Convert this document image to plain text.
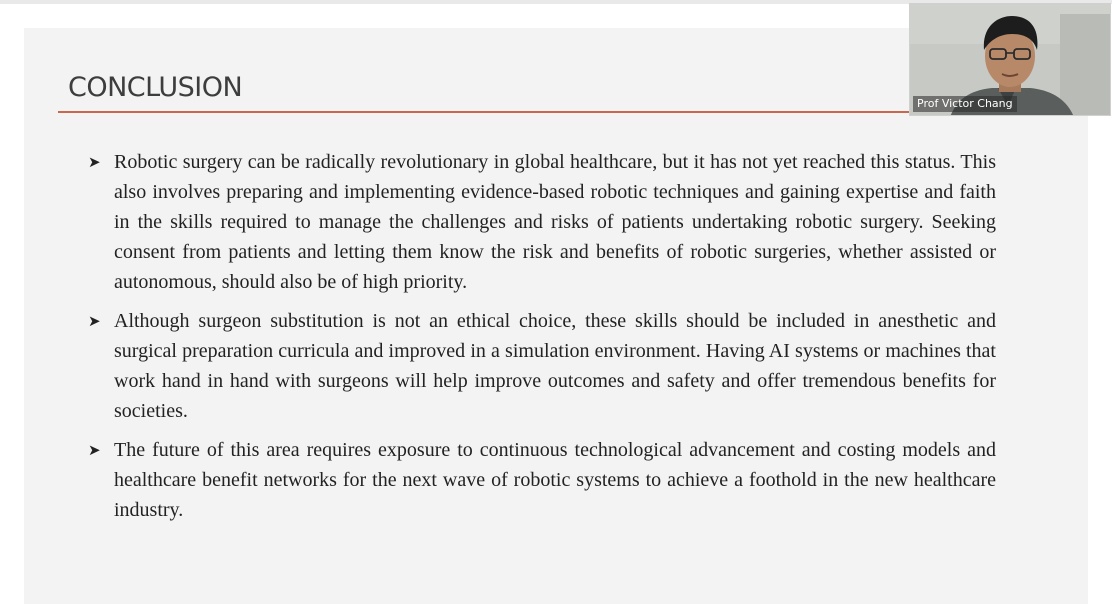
CONCLUSION
➤ Robotic surgery can be radically revolutionary in global healthcare, but it has not yet reached this status. This also involves preparing and implementing evidence-based robotic techniques and gaining expertise and faith in the skills required to manage the challenges and risks of patients undertaking robotic surgery. Seeking consent from patients and letting them know the risk and benefits of robotic surgeries, whether assisted or autonomous, should also be of high priority.
➤ Although surgeon substitution is not an ethical choice, these skills should be included in anesthetic and surgical preparation curricula and improved in a simulation environment. Having AI systems or machines that work hand in hand with surgeons will help improve outcomes and safety and offer tremendous benefits for societies.
➤ The future of this area requires exposure to continuous technological advancement and costing models and healthcare benefit networks for the next wave of robotic systems to achieve a foothold in the new healthcare industry.
Prof Victor Chang
